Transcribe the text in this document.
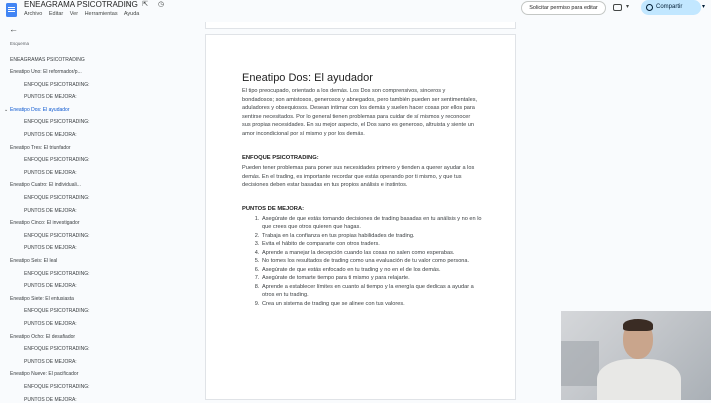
ENEAGRAMA PSICOTRADING
☆ ⇱ ◷
Archivo Editar Ver Herramientas Ayuda
Solicitar permiso para editar	▾	Compartir	▾
←
Esquema
ENEAGRAMAS PSICOTRADING
Eneatipo Uno: El reformador/p...
ENFOQUE PSICOTRADING:
PUNTOS DE MEJORA:
Eneatipo Dos: El ayudador
⌄
ENFOQUE PSICOTRADING:
PUNTOS DE MEJORA:
Eneatipo Tres: El triunfador
ENFOQUE PSICOTRADING:
PUNTOS DE MEJORA:
Eneatipo Cuatro: El individuali...
ENFOQUE PSICOTRADING:
PUNTOS DE MEJORA:
Eneatipo Cinco: El investigador
ENFOQUE PSICOTRADING:
PUNTOS DE MEJORA:
Eneatipo Seis: El leal
ENFOQUE PSICOTRADING:
PUNTOS DE MEJORA:
Eneatipo Siete: El entusiasta
ENFOQUE PSICOTRADING:
PUNTOS DE MEJORA:
Eneatipo Ocho: El desafiador
ENFOQUE PSICOTRADING:
PUNTOS DE MEJORA:
Eneatipo Nueve: El pacificador
ENFOQUE PSICOTRADING:
PUNTOS DE MEJORA:
Eneatipo Dos: El ayudador
El tipo preocupado, orientado a los demás. Los Dos son comprensivos, sinceros y bondadosos; son amistosos, generosos y abnegados, pero también pueden ser sentimentales, aduladores y obsequiosos. Desean intimar con los demás y suelen hacer cosas por ellos para sentirse necesitados. Por lo general tienen problemas para cuidar de sí mismos y reconocer sus propias necesidades. En su mejor aspecto, el Dos sano es generoso, altruista y siente un amor incondicional por sí mismo y por los demás.
ENFOQUE PSICOTRADING:
Pueden tener problemas para poner sus necesidades primero y tienden a querer ayudar a los demás. En el trading, es importante recordar que estás operando por ti mismo, y que tus decisiones deben estar basadas en tus propios análisis e instintos.
PUNTOS DE MEJORA:
1. Asegúrate de que estás tomando decisiones de trading basadas en tu análisis y no en lo que crees que otros quieren que hagas.
2. Trabaja en la confianza en tus propias habilidades de trading.
3. Evita el hábito de compararte con otros traders.
4. Aprende a manejar la decepción cuando las cosas no salen como esperabas.
5. No tomes los resultados de trading como una evaluación de tu valor como persona.
6. Asegúrate de que estás enfocado en tu trading y no en el de los demás.
7. Asegúrate de tomarte tiempo para ti mismo y para relajarte.
8. Aprende a establecer límites en cuanto al tiempo y la energía que dedicas a ayudar a otros en tu trading.
9. Crea un sistema de trading que se alinee con tus valores.
